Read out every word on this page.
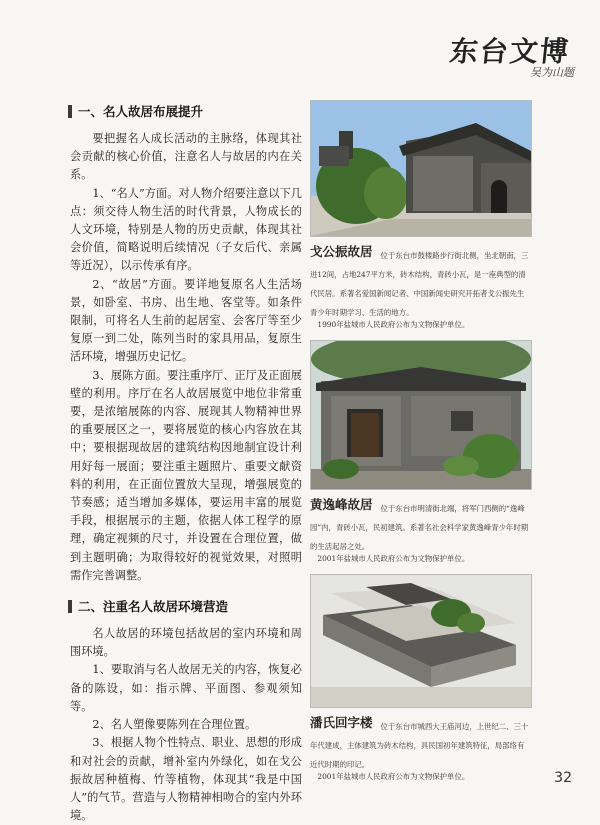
东台文博
吴为山题
一、名人故居布展提升

要把握名人成长活动的主脉络，体现其社会贡献的核心价值，注意名人与故居的内在关系。

1、“名人”方面。对人物介绍要注意以下几点：须交待人物生活的时代背景，人物成长的人文环境，特别是人物的历史贡献，体现其社会价值，简略说明后续情况（子女后代、亲属等近况），以示传承有序。

2、“故居”方面。要详地复原名人生活场景，如卧室、书房、出生地、客堂等。如条件限制，可将名人生前的起居室、会客厅等至少复原一到二处，陈列当时的家具用品，复原生活环境，增强历史记忆。

3、展陈方面。要注重序厅、正厅及正面展壁的利用。序厅在名人故居展览中地位非常重要，是浓缩展陈的内容、展现其人物精神世界的重要展区之一，要将展览的核心内容放在其中；要根据现故居的建筑结构因地制宜设计利用好每一展面；要注重主题照片、重要文献资料的利用，在正面位置放大呈现，增强展览的节奏感；适当增加多媒体，要运用丰富的展览手段，根据展示的主题，依据人体工程学的原理，确定视频的尺寸，并设置在合理位置，做到主题明确；为取得较好的视觉效果，对照明需作完善调整。

二、注重名人故居环境营造

名人故居的环境包括故居的室内环境和周围环境。

1、要取消与名人故居无关的内容，恢复必备的陈设，如：指示牌、平面图、参观须知等。

2、名人塑像要陈列在合理位置。

3、根据人物个性特点、职业、思想的形成和对社会的贡献，增补室内外绿化，如在戈公振故居种植梅、竹等植物，体现其“我是中国人”的气节。营造与人物精神相吻合的室内外环境。

戈公振故居 位于东台市鼓楼路步行街北侧，坐北朝南，三进12间，占地247平方米，砖木结构，青砖小瓦，是一座典型的清代民居。系著名爱国新闻记者、中国新闻史研究开拓者戈公振先生青少年时期学习、生活的地方。
1990年盐城市人民政府公布为文物保护单位。
黄逸峰故居 位于东台市明清街北端，将军门西侧的“逸峰园”内，青砖小瓦，民初建筑。系著名社会科学家黄逸峰青少年时期的生活起居之处。
2001年盐城市人民政府公布为文物保护单位。
潘氏回字楼 位于东台市城西大王庙河边，上世纪二、三十年代建成，主体建筑为砖木结构，具民国初年建筑特征，局部络有近代时期的印记。
2001年盐城市人民政府公布为文物保护单位。	32
